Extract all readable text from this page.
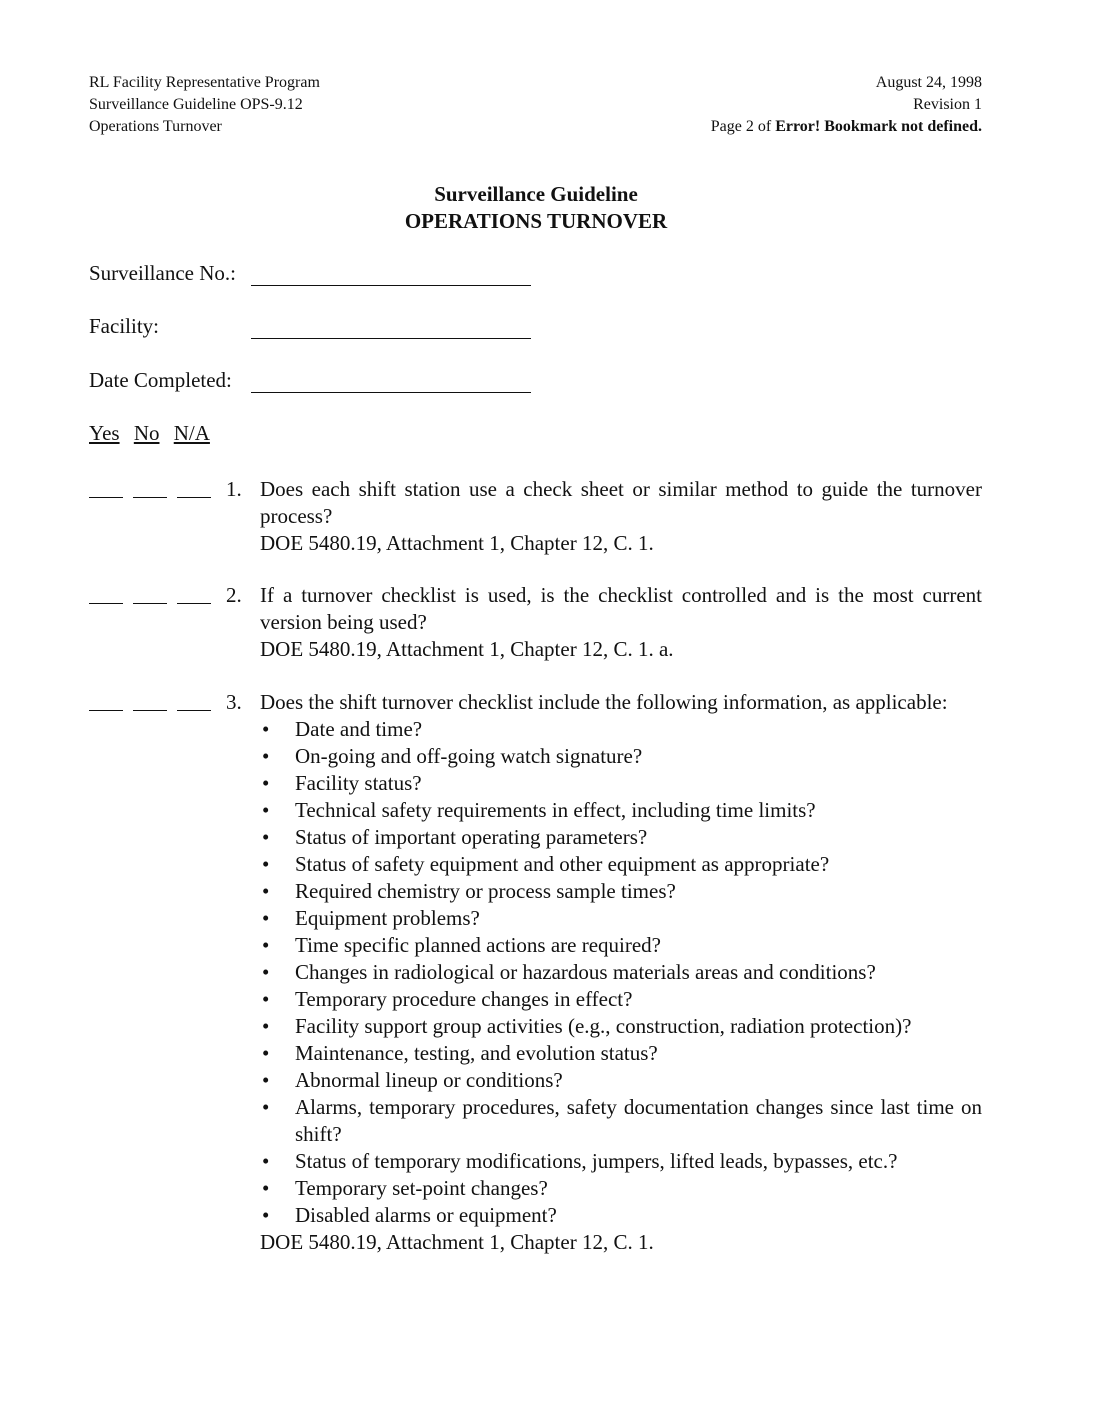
RL Facility Representative Program
Surveillance Guideline OPS-9.12
Operations Turnover
August 24, 1998
Revision 1
Page 2 of Error! Bookmark not defined.
Surveillance Guideline
OPERATIONS TURNOVER
Surveillance No.:
Facility:
Date Completed:
Yes No N/A
1. Does each shift station use a check sheet or similar method to guide the turnover process?
DOE 5480.19, Attachment 1, Chapter 12, C. 1.
2. If a turnover checklist is used, is the checklist controlled and is the most current version being used?
DOE 5480.19, Attachment 1, Chapter 12, C. 1. a.
3. Does the shift turnover checklist include the following information, as applicable:
• Date and time?
• On-going and off-going watch signature?
• Facility status?
• Technical safety requirements in effect, including time limits?
• Status of important operating parameters?
• Status of safety equipment and other equipment as appropriate?
• Required chemistry or process sample times?
• Equipment problems?
• Time specific planned actions are required?
• Changes in radiological or hazardous materials areas and conditions?
• Temporary procedure changes in effect?
• Facility support group activities (e.g., construction, radiation protection)?
• Maintenance, testing, and evolution status?
• Abnormal lineup or conditions?
• Alarms, temporary procedures, safety documentation changes since last time on shift?
• Status of temporary modifications, jumpers, lifted leads, bypasses, etc.?
• Temporary set-point changes?
• Disabled alarms or equipment?
DOE 5480.19, Attachment 1, Chapter 12, C. 1.
